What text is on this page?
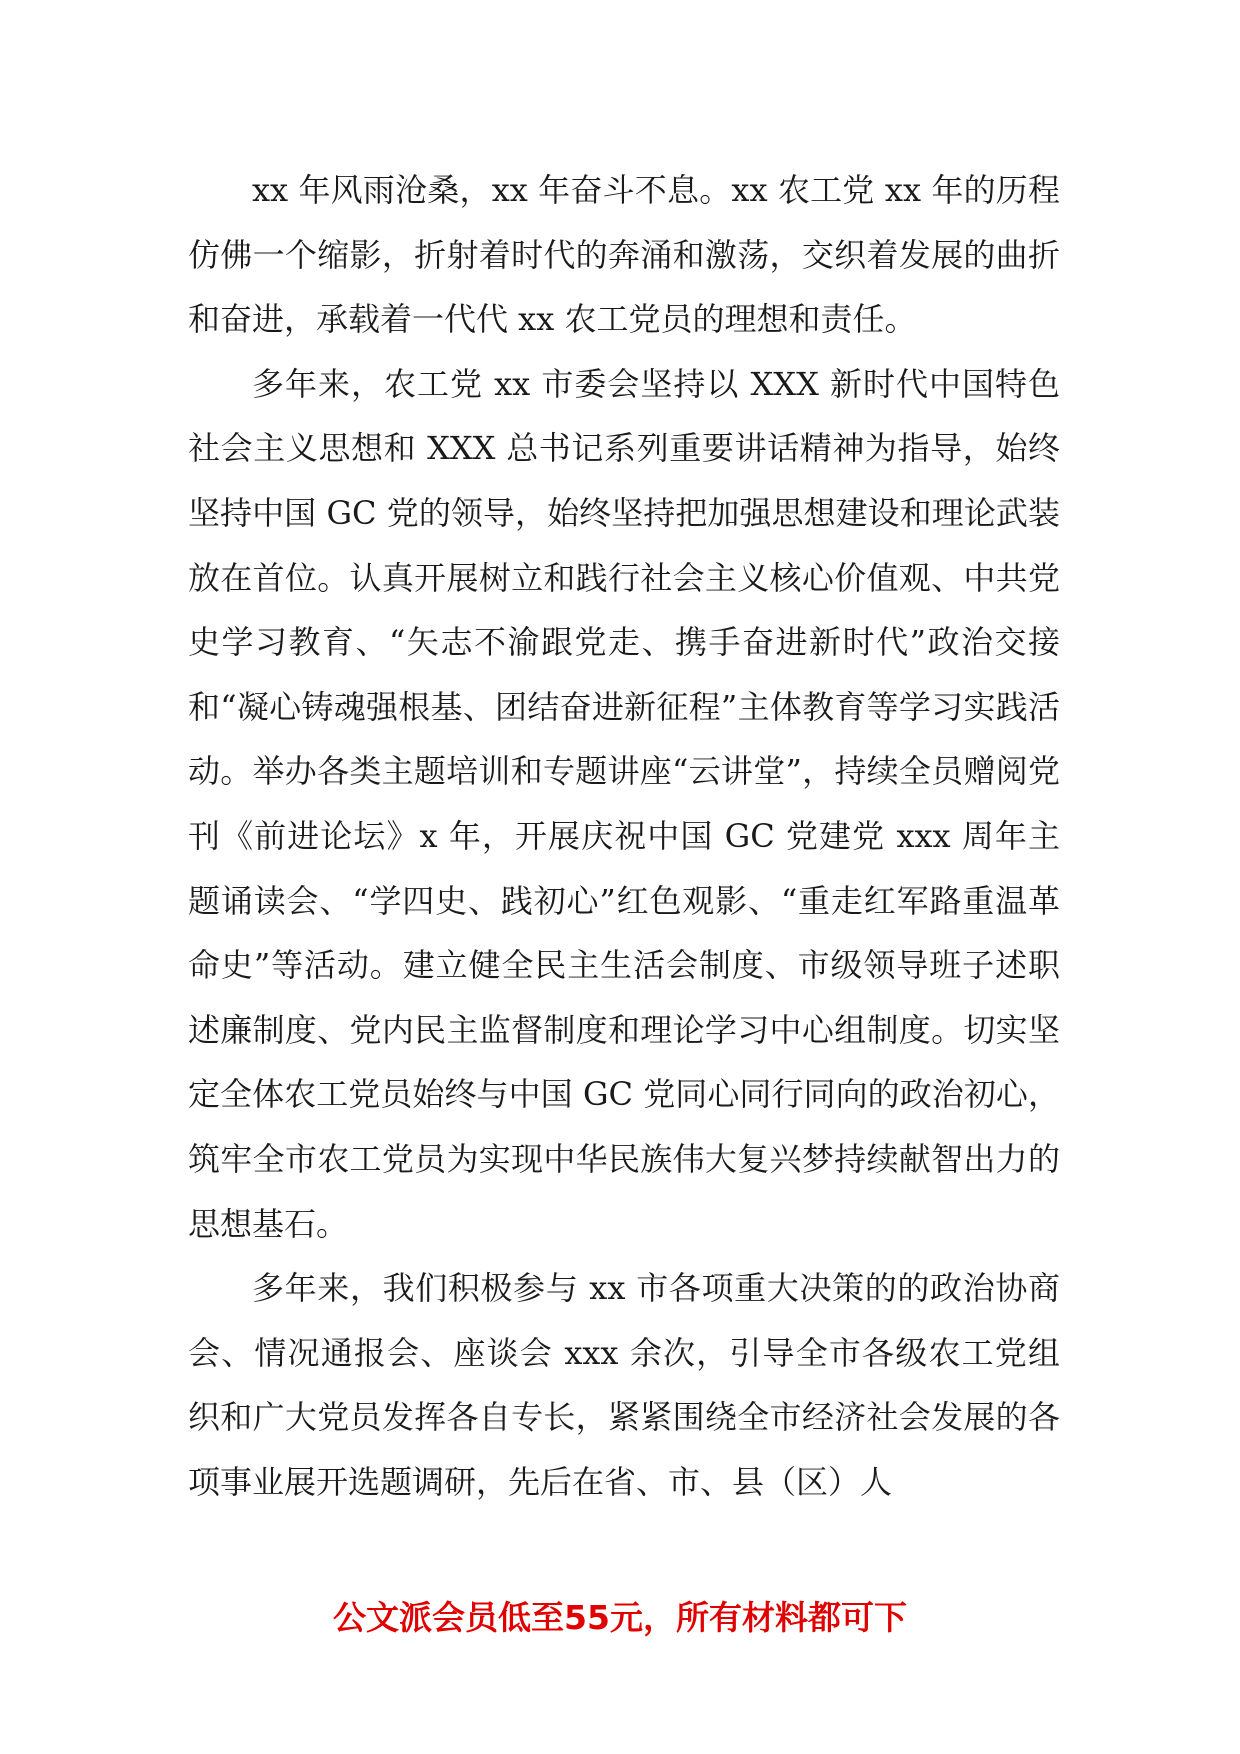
xx 年风雨沧桑，xx 年奋斗不息。xx 农工党 xx 年的历程仿佛一个缩影，折射着时代的奔涌和激荡，交织着发展的曲折和奋进，承载着一代代 xx 农工党员的理想和责任。

多年来，农工党 xx 市委会坚持以 XXX 新时代中国特色社会主义思想和 XXX 总书记系列重要讲话精神为指导，始终坚持中国 GC 党的领导，始终坚持把加强思想建设和理论武装放在首位。认真开展树立和践行社会主义核心价值观、中共党史学习教育、“矢志不渝跟党走、携手奋进新时代”政治交接和“凝心铸魂强根基、团结奋进新征程”主体教育等学习实践活动。举办各类主题培训和专题讲座“云讲堂”，持续全员赠阅党刊《前进论坛》x 年，开展庆祝中国 GC 党建党 xxx 周年主题诵读会、“学四史、践初心”红色观影、“重走红军路重温革命史”等活动。建立健全民主生活会制度、市级领导班子述职述廉制度、党内民主监督制度和理论学习中心组制度。切实坚定全体农工党员始终与中国 GC 党同心同行同向的政治初心，筑牢全市农工党员为实现中华民族伟大复兴梦持续献智出力的思想基石。

多年来，我们积极参与 xx 市各项重大决策的的政治协商会、情况通报会、座谈会 xxx 余次，引导全市各级农工党组织和广大党员发挥各自专长，紧紧围绕全市经济社会发展的各项事业展开选题调研，先后在省、市、县（区）人

公文派会员低至55元，所有材料都可下
